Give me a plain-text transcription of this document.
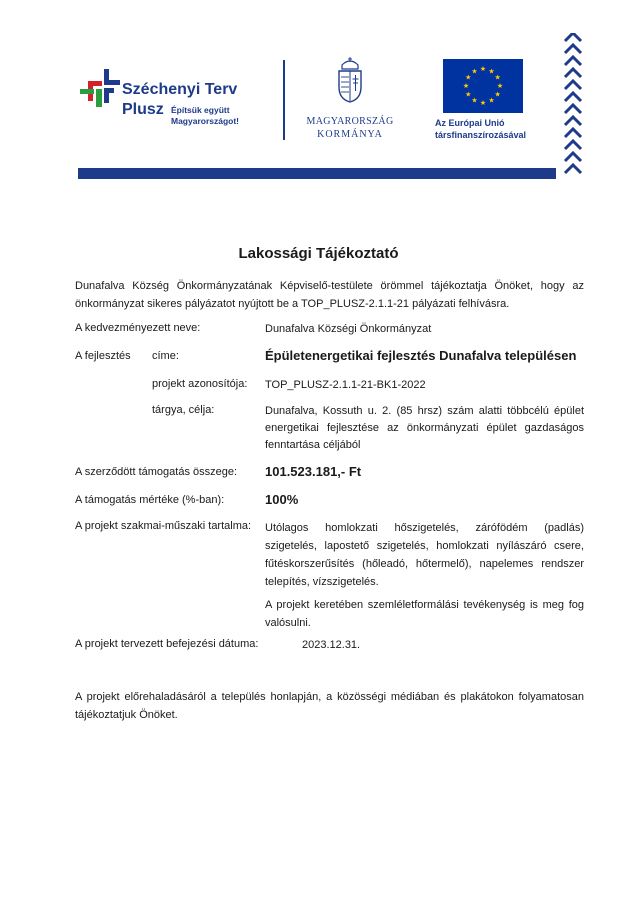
Széchenyi Terv
Plusz Építsük együtt
Magyarországot!	MAGYARORSZÁG
KORMÁNYA
★ ★
★
★
★
★
★
★
★
★
★
★
Az Európai Unió
társfinanszírozásával
Lakossági Tájékoztató
Dunafalva Község Önkormányzatának Képviselő-testülete örömmel tájékoztatja Önöket, hogy az önkormányzat sikeres pályázatot nyújtott be a TOP_PLUSZ-2.1.1-21 pályázati felhívásra.
A kedvezményezett neve:	Dunafalva Községi Önkormányzat
A fejlesztés címe:	Épületenergetikai fejlesztés Dunafalva településen
projekt azonosítója: TOP_PLUSZ-2.1.1-21-BK1-2022
tárgya, célja:	Dunafalva, Kossuth u. 2. (85 hrsz) szám alatti többcélú épület energetikai fejlesztése az önkormányzati épület gazdaságos fenntartása céljából
A szerződött támogatás összege: 101.523.181,- Ft
A támogatás mértéke (%-ban):	100%
A projekt szakmai-műszaki tartalma: Utólagos homlokzati hőszigetelés, zárófödém (padlás) szigetelés, lapostető szigetelés, homlokzati nyílászáró csere, fűtéskorszerűsítés (hőleadó, hőtermelő), napelemes rendszer telepítés, vízszigetelés.
A projekt keretében szemléletformálási tevékenység is meg fog valósulni.
A projekt tervezett befejezési dátuma:	2023.12.31.
A projekt előrehaladásáról a település honlapján, a közösségi médiában és plakátokon folyamatosan tájékoztatjuk Önöket.
